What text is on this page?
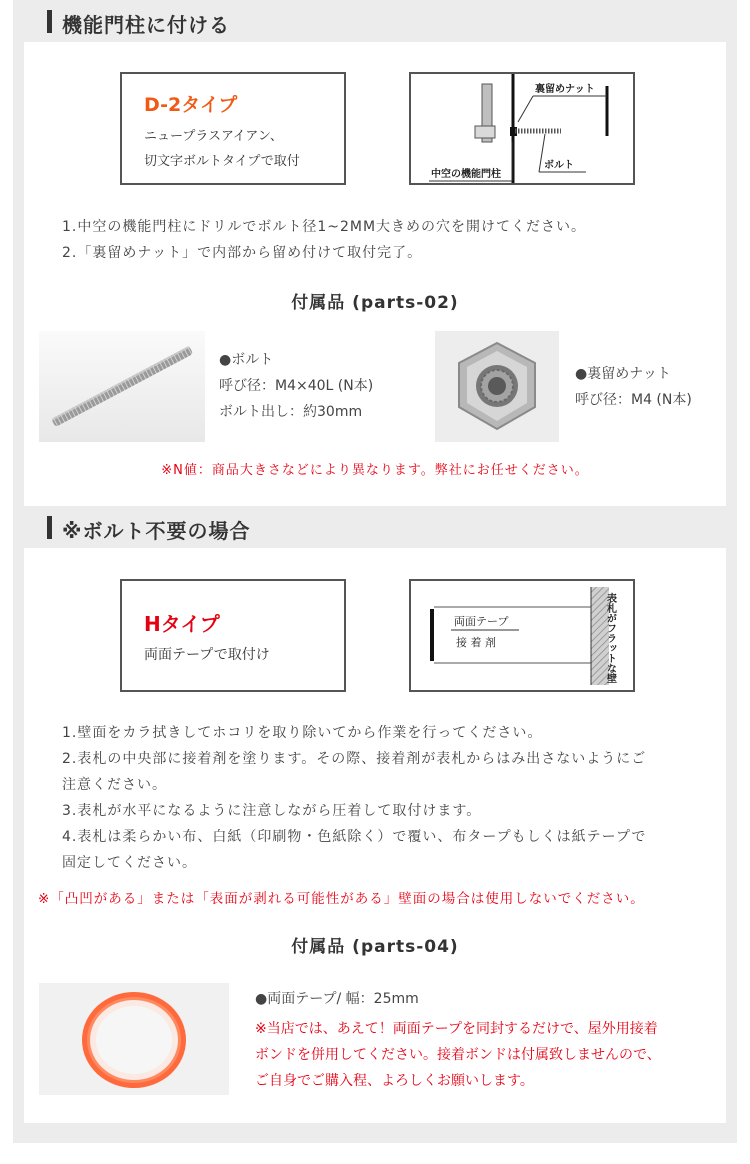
機能門柱に付ける
D-2タイプ
ニュープラスアイアン、
切文字ボルトタイプで取付
裏留めナット
ボルト
中空の機能門柱
1.中空の機能門柱にドリルでボルト径1~2MM大きめの穴を開けてください。
2.「裏留めナット」で内部から留め付けて取付完了。
付属品 (parts-02)
●ボルト
呼び径：M4×40L (N本)
ボルト出し：約30mm
●裏留めナット
呼び径：M4 (N本)
※N値：商品大きさなどにより異なります。弊社にお任せください。
※ボルト不要の場合
Hタイプ
両面テープで取付け
両面テープ
接 着 剤	表札がフラットな壁
1.壁面をカラ拭きしてホコリを取り除いてから作業を行ってください。
2.表札の中央部に接着剤を塗ります。その際、接着剤が表札からはみ出さないようにご
注意ください。
3.表札が水平になるように注意しながら圧着して取付けます。
4.表札は柔らかい布、白紙（印刷物・色紙除く）で覆い、布タープもしくは紙テープで
固定してください。
※「凸凹がある」または「表面が剥れる可能性がある」壁面の場合は使用しないでください。
付属品 (parts-04)
●両面テープ/ 幅：25mm
※当店では、あえて！両面テープを同封するだけで、屋外用接着
ボンドを併用してください。接着ボンドは付属致しませんので、
ご自身でご購入程、よろしくお願いします。
